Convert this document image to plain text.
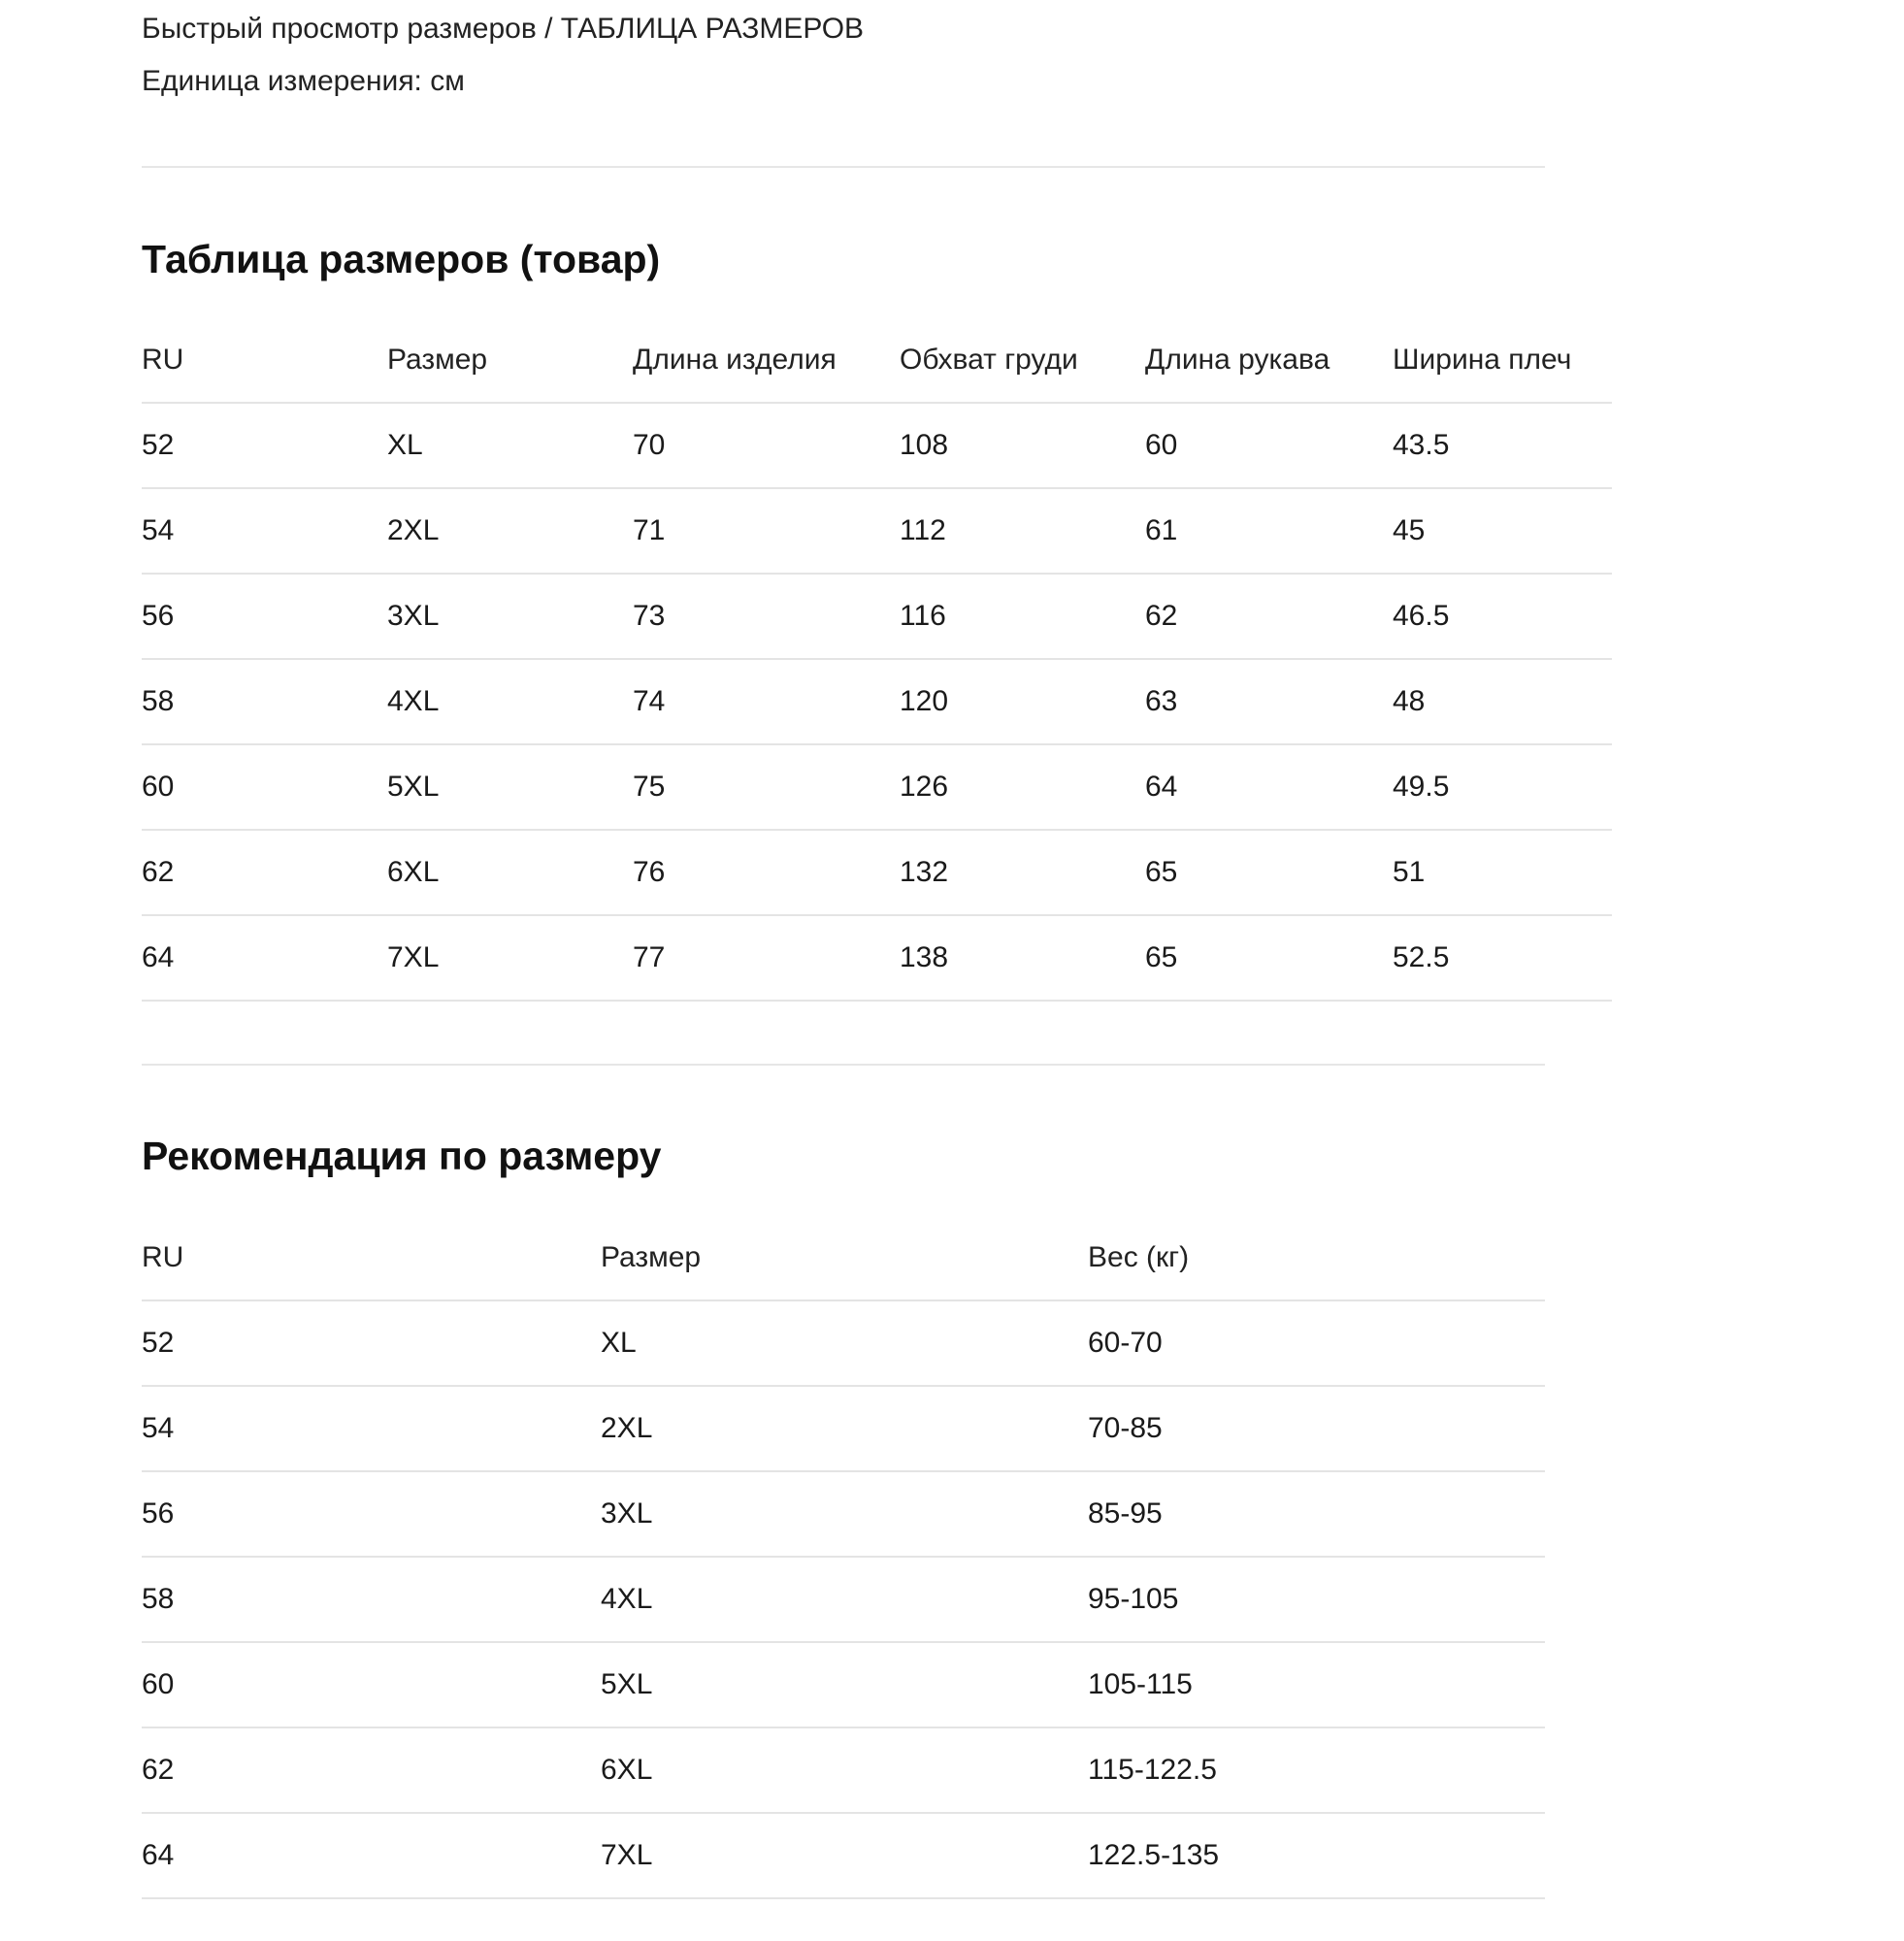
Быстрый просмотр размеров / ТАБЛИЦА РАЗМЕРОВ
Единица измерения: см
Таблица размеров (товар)
RU	Размер	Длина изделия	Обхват груди	Длина рукава	Ширина плеч
52	XL	70	108	60	43.5
54	2XL	71	112	61	45
56	3XL	73	116	62	46.5
58	4XL	74	120	63	48
60	5XL	75	126	64	49.5
62	6XL	76	132	65	51
64	7XL	77	138	65	52.5
Рекомендация по размеру
RU	Размер	Вес (кг)
52	XL	60-70
54	2XL	70-85
56	3XL	85-95
58	4XL	95-105
60	5XL	105-115
62	6XL	115-122.5
64	7XL	122.5-135
